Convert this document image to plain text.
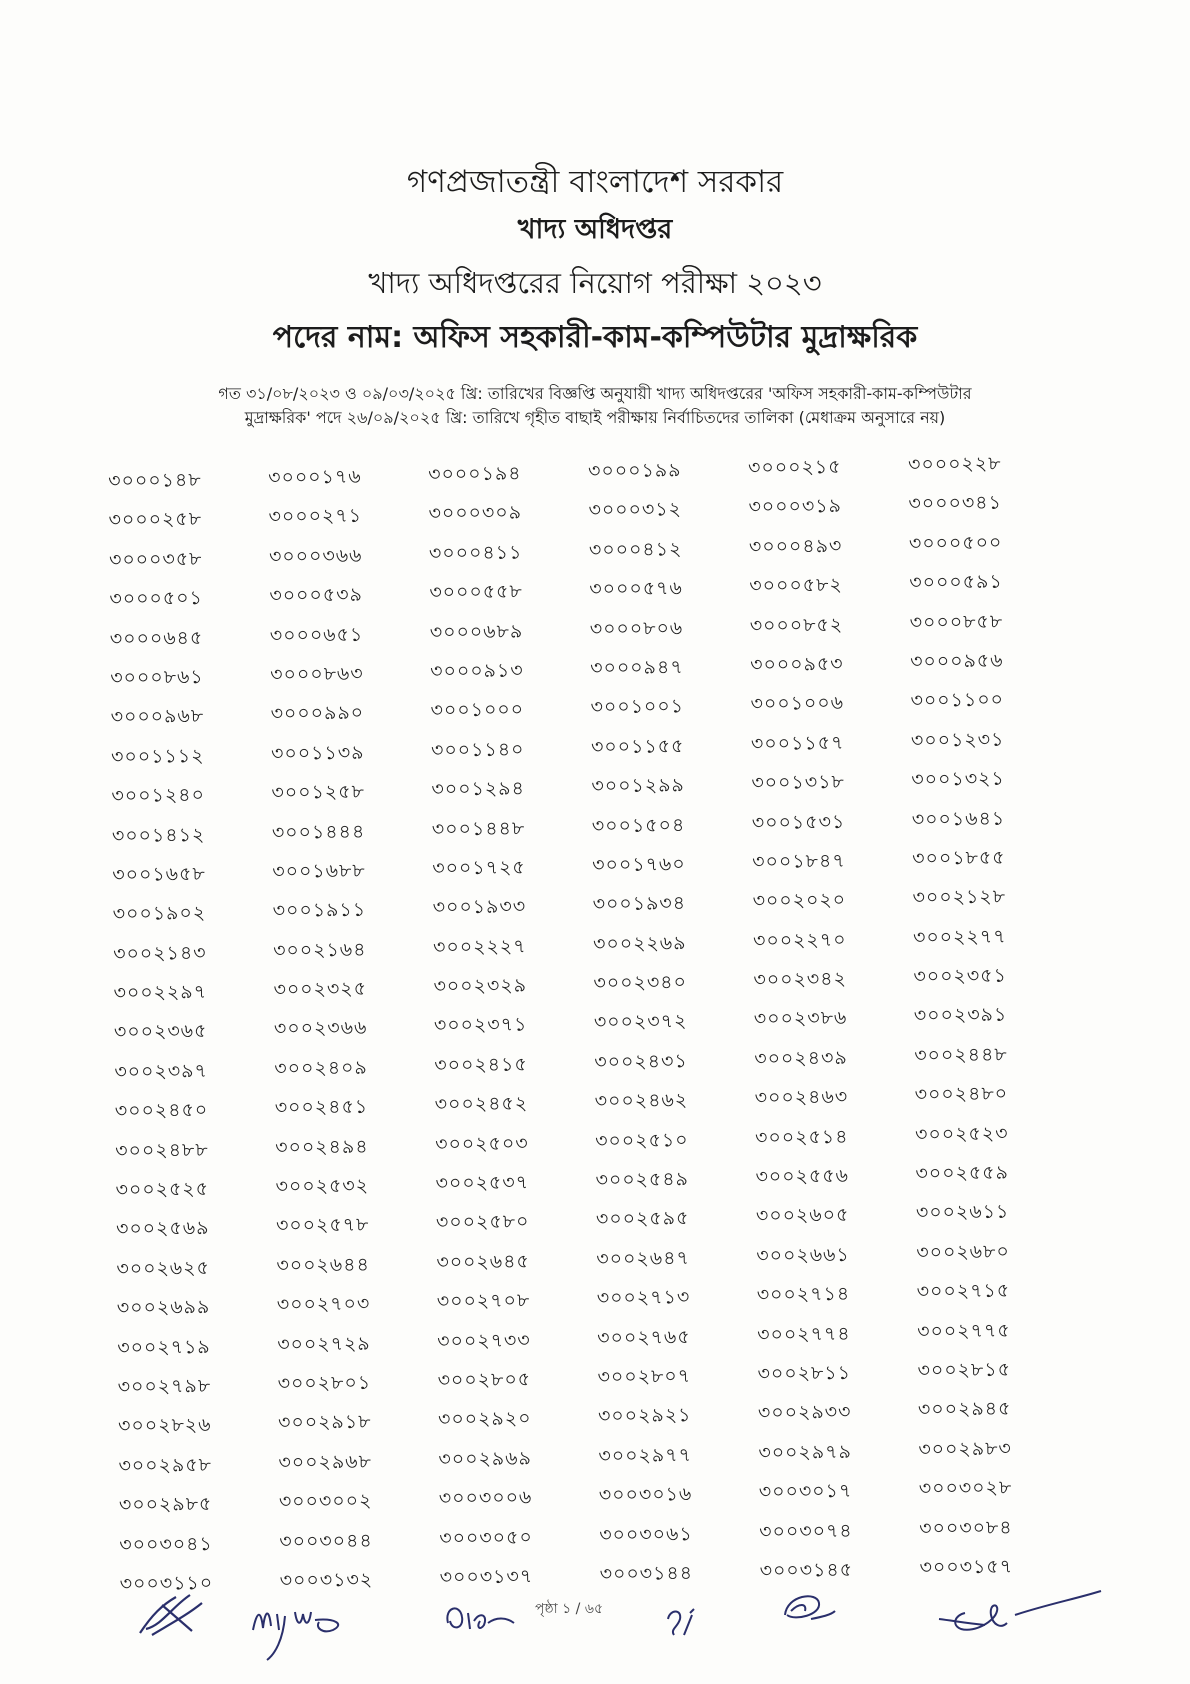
গণপ্রজাতন্ত্রী বাংলাদেশ সরকার

খাদ্য অধিদপ্তর

খাদ্য অধিদপ্তরের নিয়োগ পরীক্ষা ২০২৩

পদের নাম: অফিস সহকারী-কাম-কম্পিউটার মুদ্রাক্ষরিক

গত ৩১/০৮/২০২৩ ও ০৯/০৩/২০২৫ খ্রি: তারিখের বিজ্ঞপ্তি অনুযায়ী খাদ্য অধিদপ্তরের 'অফিস সহকারী-কাম-কম্পিউটার
মুদ্রাক্ষরিক' পদে ২৬/০৯/২০২৫ খ্রি: তারিখে গৃহীত বাছাই পরীক্ষায় নির্বাচিতদের তালিকা (মেধাক্রম অনুসারে নয়)
৩০০০১৪৮	৩০০০১৭৬	৩০০০১৯৪	৩০০০১৯৯	৩০০০২১৫	৩০০০২২৮
৩০০০২৫৮	৩০০০২৭১	৩০০০৩০৯	৩০০০৩১২	৩০০০৩১৯	৩০০০৩৪১
৩০০০৩৫৮	৩০০০৩৬৬	৩০০০৪১১	৩০০০৪১২	৩০০০৪৯৩	৩০০০৫০০
৩০০০৫০১	৩০০০৫৩৯	৩০০০৫৫৮	৩০০০৫৭৬	৩০০০৫৮২	৩০০০৫৯১
৩০০০৬৪৫	৩০০০৬৫১	৩০০০৬৮৯	৩০০০৮০৬	৩০০০৮৫২	৩০০০৮৫৮
৩০০০৮৬১	৩০০০৮৬৩	৩০০০৯১৩	৩০০০৯৪৭	৩০০০৯৫৩	৩০০০৯৫৬
৩০০০৯৬৮	৩০০০৯৯০	৩০০১০০০	৩০০১০০১	৩০০১০০৬	৩০০১১০০
৩০০১১১২	৩০০১১৩৯	৩০০১১৪০	৩০০১১৫৫	৩০০১১৫৭	৩০০১২৩১
৩০০১২৪০	৩০০১২৫৮	৩০০১২৯৪	৩০০১২৯৯	৩০০১৩১৮	৩০০১৩২১
৩০০১৪১২	৩০০১৪৪৪	৩০০১৪৪৮	৩০০১৫০৪	৩০০১৫৩১	৩০০১৬৪১
৩০০১৬৫৮	৩০০১৬৮৮	৩০০১৭২৫	৩০০১৭৬০	৩০০১৮৪৭	৩০০১৮৫৫
৩০০১৯০২	৩০০১৯১১	৩০০১৯৩৩	৩০০১৯৩৪	৩০০২০২০	৩০০২১২৮
৩০০২১৪৩	৩০০২১৬৪	৩০০২২২৭	৩০০২২৬৯	৩০০২২৭০	৩০০২২৭৭
৩০০২২৯৭	৩০০২৩২৫	৩০০২৩২৯	৩০০২৩৪০	৩০০২৩৪২	৩০০২৩৫১
৩০০২৩৬৫	৩০০২৩৬৬	৩০০২৩৭১	৩০০২৩৭২	৩০০২৩৮৬	৩০০২৩৯১
৩০০২৩৯৭	৩০০২৪০৯	৩০০২৪১৫	৩০০২৪৩১	৩০০২৪৩৯	৩০০২৪৪৮
৩০০২৪৫০	৩০০২৪৫১	৩০০২৪৫২	৩০০২৪৬২	৩০০২৪৬৩	৩০০২৪৮০
৩০০২৪৮৮	৩০০২৪৯৪	৩০০২৫০৩	৩০০২৫১০	৩০০২৫১৪	৩০০২৫২৩
৩০০২৫২৫	৩০০২৫৩২	৩০০২৫৩৭	৩০০২৫৪৯	৩০০২৫৫৬	৩০০২৫৫৯
৩০০২৫৬৯	৩০০২৫৭৮	৩০০২৫৮০	৩০০২৫৯৫	৩০০২৬০৫	৩০০২৬১১
৩০০২৬২৫	৩০০২৬৪৪	৩০০২৬৪৫	৩০০২৬৪৭	৩০০২৬৬১	৩০০২৬৮০
৩০০২৬৯৯	৩০০২৭০৩	৩০০২৭০৮	৩০০২৭১৩	৩০০২৭১৪	৩০০২৭১৫
৩০০২৭১৯	৩০০২৭২৯	৩০০২৭৩৩	৩০০২৭৬৫	৩০০২৭৭৪	৩০০২৭৭৫
৩০০২৭৯৮	৩০০২৮০১	৩০০২৮০৫	৩০০২৮০৭	৩০০২৮১১	৩০০২৮১৫
৩০০২৮২৬	৩০০২৯১৮	৩০০২৯২০	৩০০২৯২১	৩০০২৯৩৩	৩০০২৯৪৫
৩০০২৯৫৮	৩০০২৯৬৮	৩০০২৯৬৯	৩০০২৯৭৭	৩০০২৯৭৯	৩০০২৯৮৩
৩০০২৯৮৫	৩০০৩০০২	৩০০৩০০৬	৩০০৩০১৬	৩০০৩০১৭	৩০০৩০২৮
৩০০৩০৪১	৩০০৩০৪৪	৩০০৩০৫০	৩০০৩০৬১	৩০০৩০৭৪	৩০০৩০৮৪
৩০০৩১১০	৩০০৩১৩২	৩০০৩১৩৭	৩০০৩১৪৪	৩০০৩১৪৫	৩০০৩১৫৭
পৃষ্ঠা ১ / ৬৫
